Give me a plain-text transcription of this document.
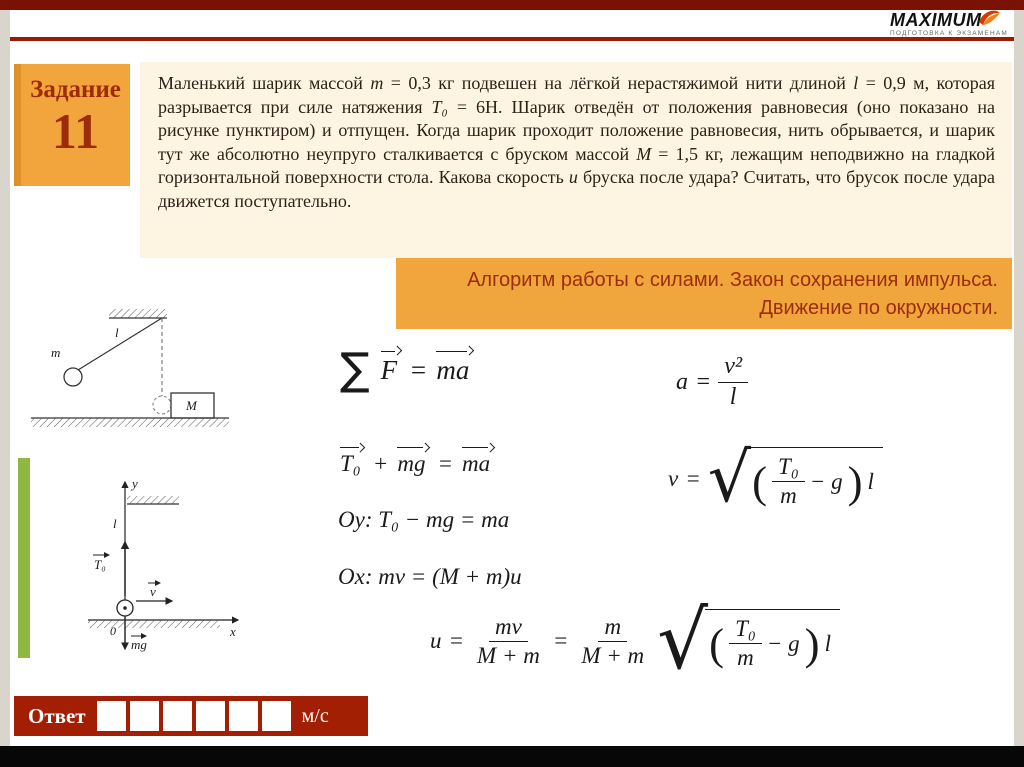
MAXIMUM
ПОДГОТОВКА К ЭКЗАМЕНАМ
Задание
11

Маленький шарик массой m = 0,3 кг подвешен на лёгкой нерастяжимой нити длиной l = 0,9 м, которая разрывается при силе натяжения T₀ = 6Н. Шарик отведён от положения равновесия (оно показано на рисунке пунктиром) и отпущен. Когда шарик проходит положение равновесия, нить обрывается, и шарик тут же абсолютно неупруго сталкивается с бруском массой M = 1,5 кг, лежащим неподвижно на гладкой горизонтальной поверхности стола. Какова скорость u бруска после удара? Считать, что брусок после удара движется поступательно.

Алгоритм работы с силами. Закон сохранения импульса.
Движение по окружности.
m
l
M
y
l
T₀
v
x
0
mg
∑ F = ma	$a = \frac{\text{v²}}{l}$
T₀ + mg = ma
v = √ ( $\frac{\text{T₀}}{m} - g$ ) l
Oy: T₀ − mg = ma
Ox: mv = (M + m)u
$u = \frac{mv}{M + m} = \frac{m}{M + m}$ √ ( $\frac{\text{T₀}}{m} - g$ ) l
Ответ	м/с
